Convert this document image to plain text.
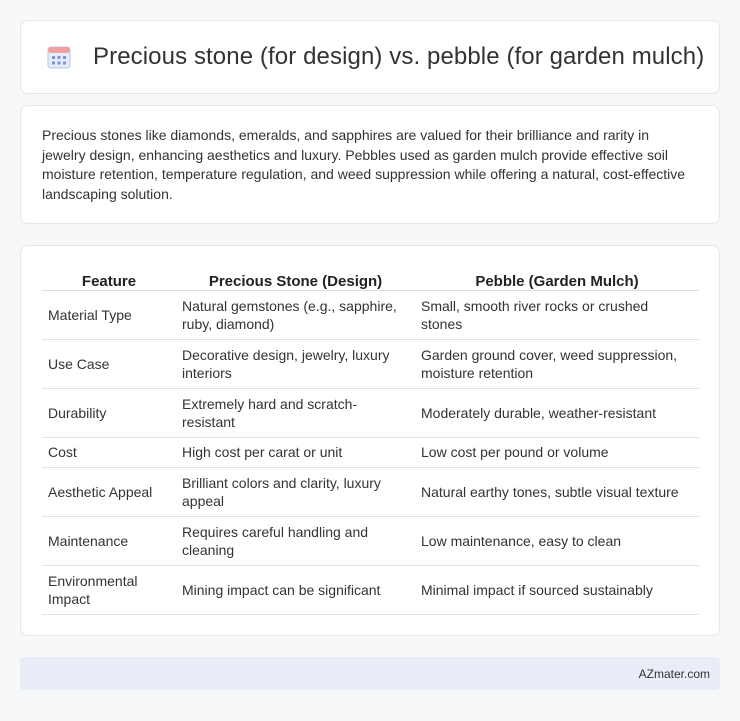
Precious stone (for design) vs. pebble (for garden mulch)

Precious stones like diamonds, emeralds, and sapphires are valued for their brilliance and rarity in jewelry design, enhancing aesthetics and luxury. Pebbles used as garden mulch provide effective soil moisture retention, temperature regulation, and weed suppression while offering a natural, cost-effective landscaping solution.

Feature	Precious Stone (Design)	Pebble (Garden Mulch)
Material Type	Natural gemstones (e.g., sapphire, ruby, diamond)	Small, smooth river rocks or crushed stones
Use Case	Decorative design, jewelry, luxury interiors	Garden ground cover, weed suppression, moisture retention
Durability	Extremely hard and scratch-resistant	Moderately durable, weather-resistant
Cost	High cost per carat or unit	Low cost per pound or volume
Aesthetic Appeal	Brilliant colors and clarity, luxury appeal	Natural earthy tones, subtle visual texture
Maintenance	Requires careful handling and cleaning	Low maintenance, easy to clean
Environmental Impact	Mining impact can be significant	Minimal impact if sourced sustainably
AZmater.com
